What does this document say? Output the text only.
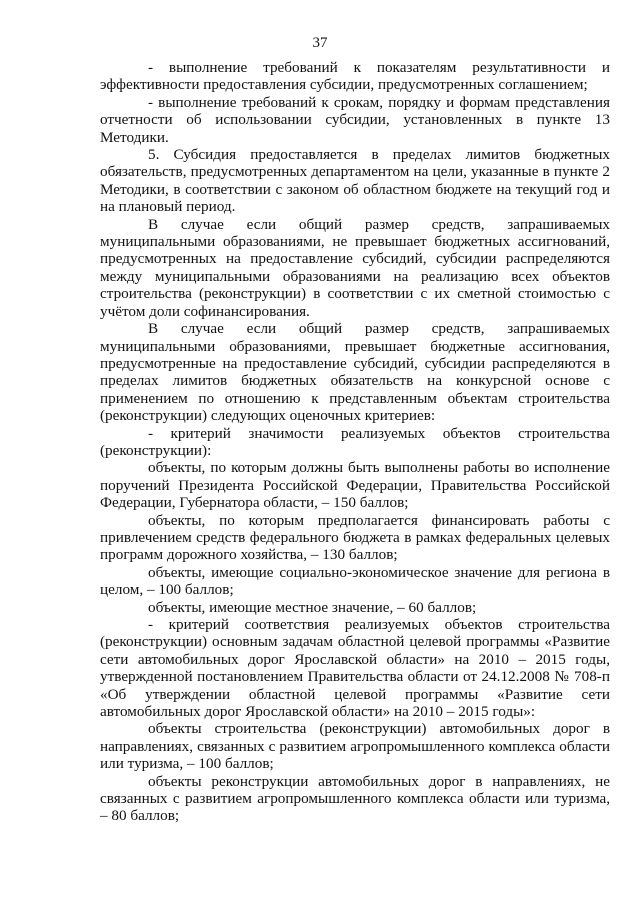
37

- выполнение требований к показателям результативности и эффективности предоставления субсидии, предусмотренных соглашением;

- выполнение требований к срокам, порядку и формам представления отчетности об использовании субсидии, установленных в пункте 13 Методики.

5. Субсидия предоставляется в пределах лимитов бюджетных обязательств, предусмотренных департаментом на цели, указанные в пункте 2 Методики, в соответствии с законом об областном бюджете на текущий год и на плановый период.

В случае если общий размер средств, запрашиваемых муниципальными образованиями, не превышает бюджетных ассигнований, предусмотренных на предоставление субсидий, субсидии распределяются между муниципальными образованиями на реализацию всех объектов строительства (реконструкции) в соответствии с их сметной стоимостью с учётом доли софинансирования.

В случае если общий размер средств, запрашиваемых муниципальными образованиями, превышает бюджетные ассигнования, предусмотренные на предоставление субсидий, субсидии распределяются в пределах лимитов бюджетных обязательств на конкурсной основе с применением по отношению к представленным объектам строительства (реконструкции) следующих оценочных критериев:

- критерий значимости реализуемых объектов строительства (реконструкции):

объекты, по которым должны быть выполнены работы во исполнение поручений Президента Российской Федерации, Правительства Российской Федерации, Губернатора области, – 150 баллов;

объекты, по которым предполагается финансировать работы с привлечением средств федерального бюджета в рамках федеральных целевых программ дорожного хозяйства, – 130 баллов;

объекты, имеющие социально-экономическое значение для региона в целом, – 100 баллов;

объекты, имеющие местное значение, – 60 баллов;

- критерий соответствия реализуемых объектов строительства (реконструкции) основным задачам областной целевой программы «Развитие сети автомобильных дорог Ярославской области» на 2010 – 2015 годы, утвержденной постановлением Правительства области от 24.12.2008 № 708-п «Об утверждении областной целевой программы «Развитие сети автомобильных дорог Ярославской области» на 2010 – 2015 годы»:

объекты строительства (реконструкции) автомобильных дорог в направлениях, связанных с развитием агропромышленного комплекса области или туризма, – 100 баллов;

объекты реконструкции автомобильных дорог в направлениях, не связанных с развитием агропромышленного комплекса области или туризма, – 80 баллов;
